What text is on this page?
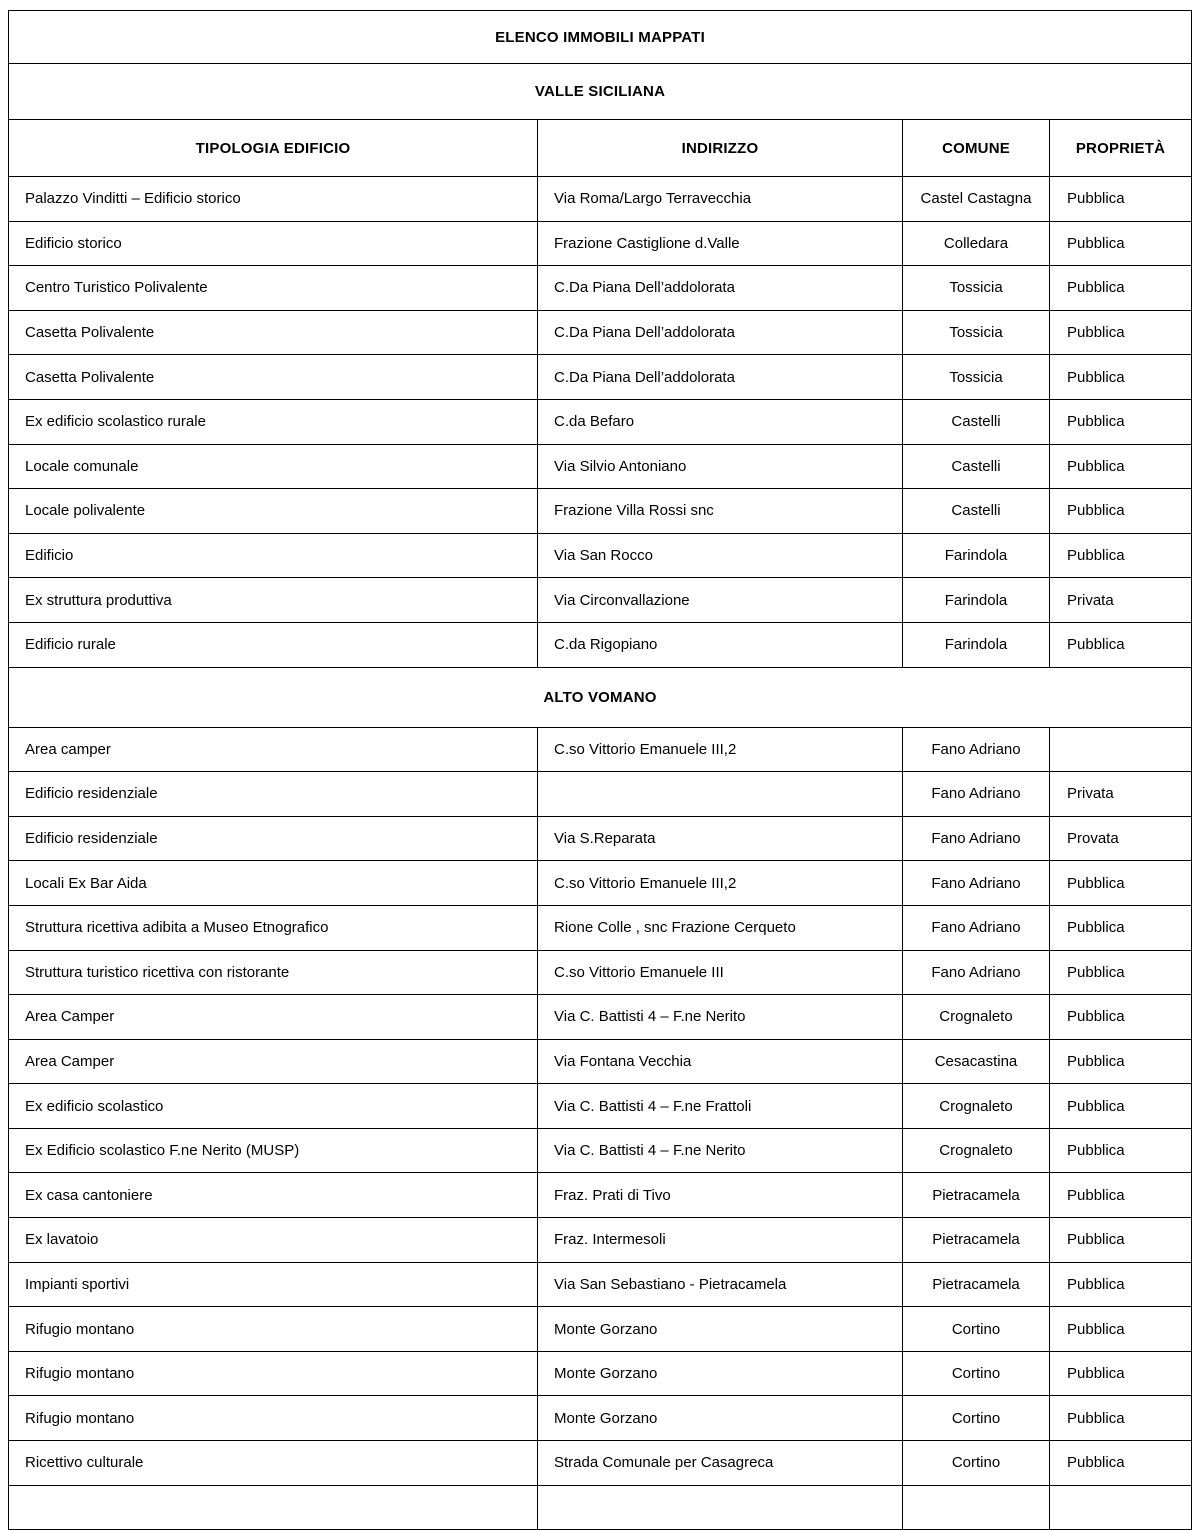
ELENCO IMMOBILI MAPPATI			
VALLE SICILIANA			
TIPOLOGIA EDIFICIO	INDIRIZZO	COMUNE	PROPRIETÀ
Palazzo Vinditti – Edificio storico	Via Roma/Largo Terravecchia	Castel Castagna	Pubblica
Edificio storico	Frazione Castiglione d.Valle	Colledara	Pubblica
Centro Turistico Polivalente	C.Da Piana Dell’addolorata	Tossicia	Pubblica
Casetta Polivalente	C.Da Piana Dell’addolorata	Tossicia	Pubblica
Casetta Polivalente	C.Da Piana Dell’addolorata	Tossicia	Pubblica
Ex edificio scolastico rurale	C.da Befaro	Castelli	Pubblica
Locale comunale	Via Silvio Antoniano	Castelli	Pubblica
Locale polivalente	Frazione Villa Rossi snc	Castelli	Pubblica
Edificio	Via San Rocco	Farindola	Pubblica
Ex struttura produttiva	Via Circonvallazione	Farindola	Privata
Edificio rurale	C.da Rigopiano	Farindola	Pubblica
ALTO VOMANO			
Area camper	C.so Vittorio Emanuele III,2	Fano Adriano	
Edificio residenziale		Fano Adriano	Privata
Edificio residenziale	Via S.Reparata	Fano Adriano	Provata
Locali Ex Bar Aida	C.so Vittorio Emanuele III,2	Fano Adriano	Pubblica
Struttura ricettiva adibita a Museo Etnografico	Rione Colle , snc Frazione Cerqueto	Fano Adriano	Pubblica
Struttura turistico ricettiva con ristorante	C.so Vittorio Emanuele III	Fano Adriano	Pubblica
Area Camper	Via C. Battisti 4 – F.ne Nerito	Crognaleto	Pubblica
Area Camper	Via Fontana Vecchia	Cesacastina	Pubblica
Ex edificio scolastico	Via C. Battisti 4 – F.ne Frattoli	Crognaleto	Pubblica
Ex Edificio scolastico F.ne Nerito (MUSP)	Via C. Battisti 4 – F.ne Nerito	Crognaleto	Pubblica
Ex casa cantoniere	Fraz. Prati di Tivo	Pietracamela	Pubblica
Ex lavatoio	Fraz. Intermesoli	Pietracamela	Pubblica
Impianti sportivi	Via San Sebastiano - Pietracamela	Pietracamela	Pubblica
Rifugio montano	Monte Gorzano	Cortino	Pubblica
Rifugio montano	Monte Gorzano	Cortino	Pubblica
Rifugio montano	Monte Gorzano	Cortino	Pubblica
Ricettivo culturale	Strada Comunale per Casagreca	Cortino	Pubblica
